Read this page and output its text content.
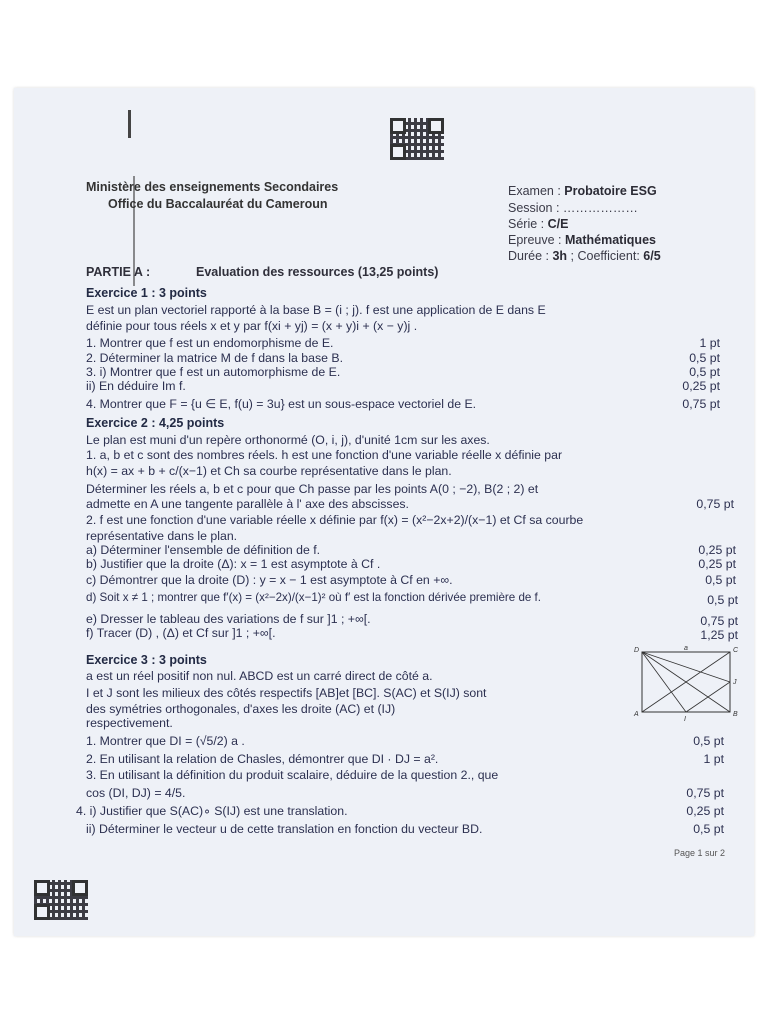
Ministère des enseignements Secondaires
Office du Baccalauréat du Cameroun
Examen : Probatoire ESG
Session : ………………
Série : C/E
Epreuve : Mathématiques
Durée : 3h ; Coefficient: 6/5
PARTIE A :	Evaluation des ressources (13,25 points)
Exercice 1 : 3 points
E est un plan vectoriel rapporté à la base B = (i ; j). f est une application de E dans E
définie pour tous réels x et y par f(xi + yj) = (x + y)i + (x − y)j .
1. Montrer que f est un endomorphisme de E.	1 pt
2. Déterminer la matrice M de f dans la base B.	0,5 pt
3. i) Montrer que f est un automorphisme de E.	0,5 pt
ii) En déduire Im f.	0,25 pt
4. Montrer que F = {u ∈ E, f(u) = 3u} est un sous-espace vectoriel de E.	0,75 pt
Exercice 2 : 4,25 points
Le plan est muni d'un repère orthonormé (O, i, j), d'unité 1cm sur les axes.
1. a, b et c sont des nombres réels. h est une fonction d'une variable réelle x définie par
h(x) = ax + b + c/(x−1) et Ch sa courbe représentative dans le plan.
Déterminer les réels a, b et c pour que Ch passe par les points A(0 ; −2), B(2 ; 2) et
admette en A une tangente parallèle à l' axe des abscisses.	0,75 pt
2. f est une fonction d'une variable réelle x définie par f(x) = (x²−2x+2)/(x−1) et Cf sa courbe
représentative dans le plan.
a) Déterminer l'ensemble de définition de f.	0,25 pt
b) Justifier que la droite (Δ): x = 1 est asymptote à Cf .	0,25 pt
c) Démontrer que la droite (D) : y = x − 1 est asymptote à Cf en +∞.	0,5 pt
d) Soit x ≠ 1 ; montrer que f′(x) = (x²−2x)/(x−1)² où f′ est la fonction dérivée première de f.	0,5 pt
e) Dresser le tableau des variations de f sur ]1 ; +∞[.	0,75 pt
f) Tracer (D) , (Δ) et Cf sur ]1 ; +∞[.	1,25 pt
Exercice 3 : 3 points
a est un réel positif non nul. ABCD est un carré direct de côté a.
I et J sont les milieux des côtés respectifs [AB]et [BC]. S(AC) et S(IJ) sont
des symétries orthogonales, d'axes les droite (AC) et (IJ)
respectivement.
1. Montrer que DI = (√5/2) a .	0,5 pt
2. En utilisant la relation de Chasles, démontrer que DI · DJ = a².	1 pt
3. En utilisant la définition du produit scalaire, déduire de la question 2., que
cos (DI, DJ) = 4/5.	0,75 pt
4. i) Justifier que S(AC)∘ S(IJ) est une translation.	0,25 pt
ii) Déterminer le vecteur u de cette translation en fonction du vecteur BD.	0,5 pt
D	a	C
J
A
I
B
Page 1 sur 2
